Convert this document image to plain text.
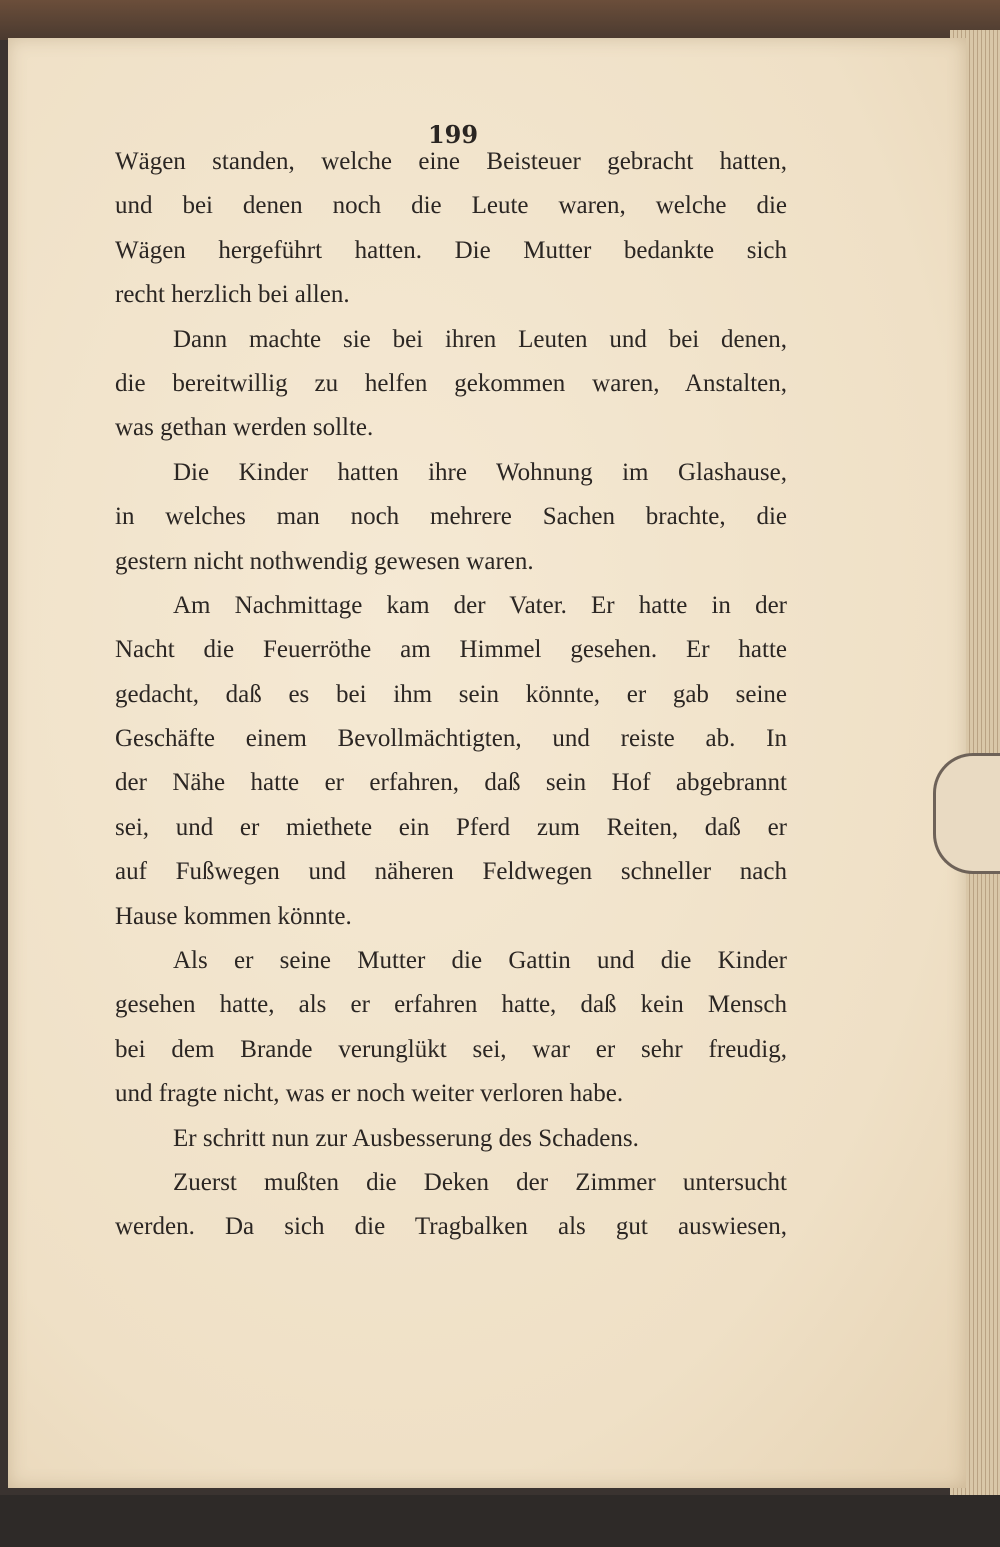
199
Wägen standen, welche eine Beisteuer gebracht hatten,
und bei denen noch die Leute waren, welche die
Wägen hergeführt hatten. Die Mutter bedankte sich
recht herzlich bei allen.
Dann machte sie bei ihren Leuten und bei denen,
die bereitwillig zu helfen gekommen waren, Anstalten,
was gethan werden sollte.
Die Kinder hatten ihre Wohnung im Glashause,
in welches man noch mehrere Sachen brachte, die
gestern nicht nothwendig gewesen waren.
Am Nachmittage kam der Vater. Er hatte in der
Nacht die Feuerröthe am Himmel gesehen. Er hatte
gedacht, daß es bei ihm sein könnte, er gab seine
Geschäfte einem Bevollmächtigten, und reiste ab. In
der Nähe hatte er erfahren, daß sein Hof abgebrannt
sei, und er miethete ein Pferd zum Reiten, daß er
auf Fußwegen und näheren Feldwegen schneller nach
Hause kommen könnte.
Als er seine Mutter die Gattin und die Kinder
gesehen hatte, als er erfahren hatte, daß kein Mensch
bei dem Brande verunglükt sei, war er sehr freudig,
und fragte nicht, was er noch weiter verloren habe.
Er schritt nun zur Ausbesserung des Schadens.
Zuerst mußten die Deken der Zimmer untersucht
werden. Da sich die Tragbalken als gut auswiesen,
